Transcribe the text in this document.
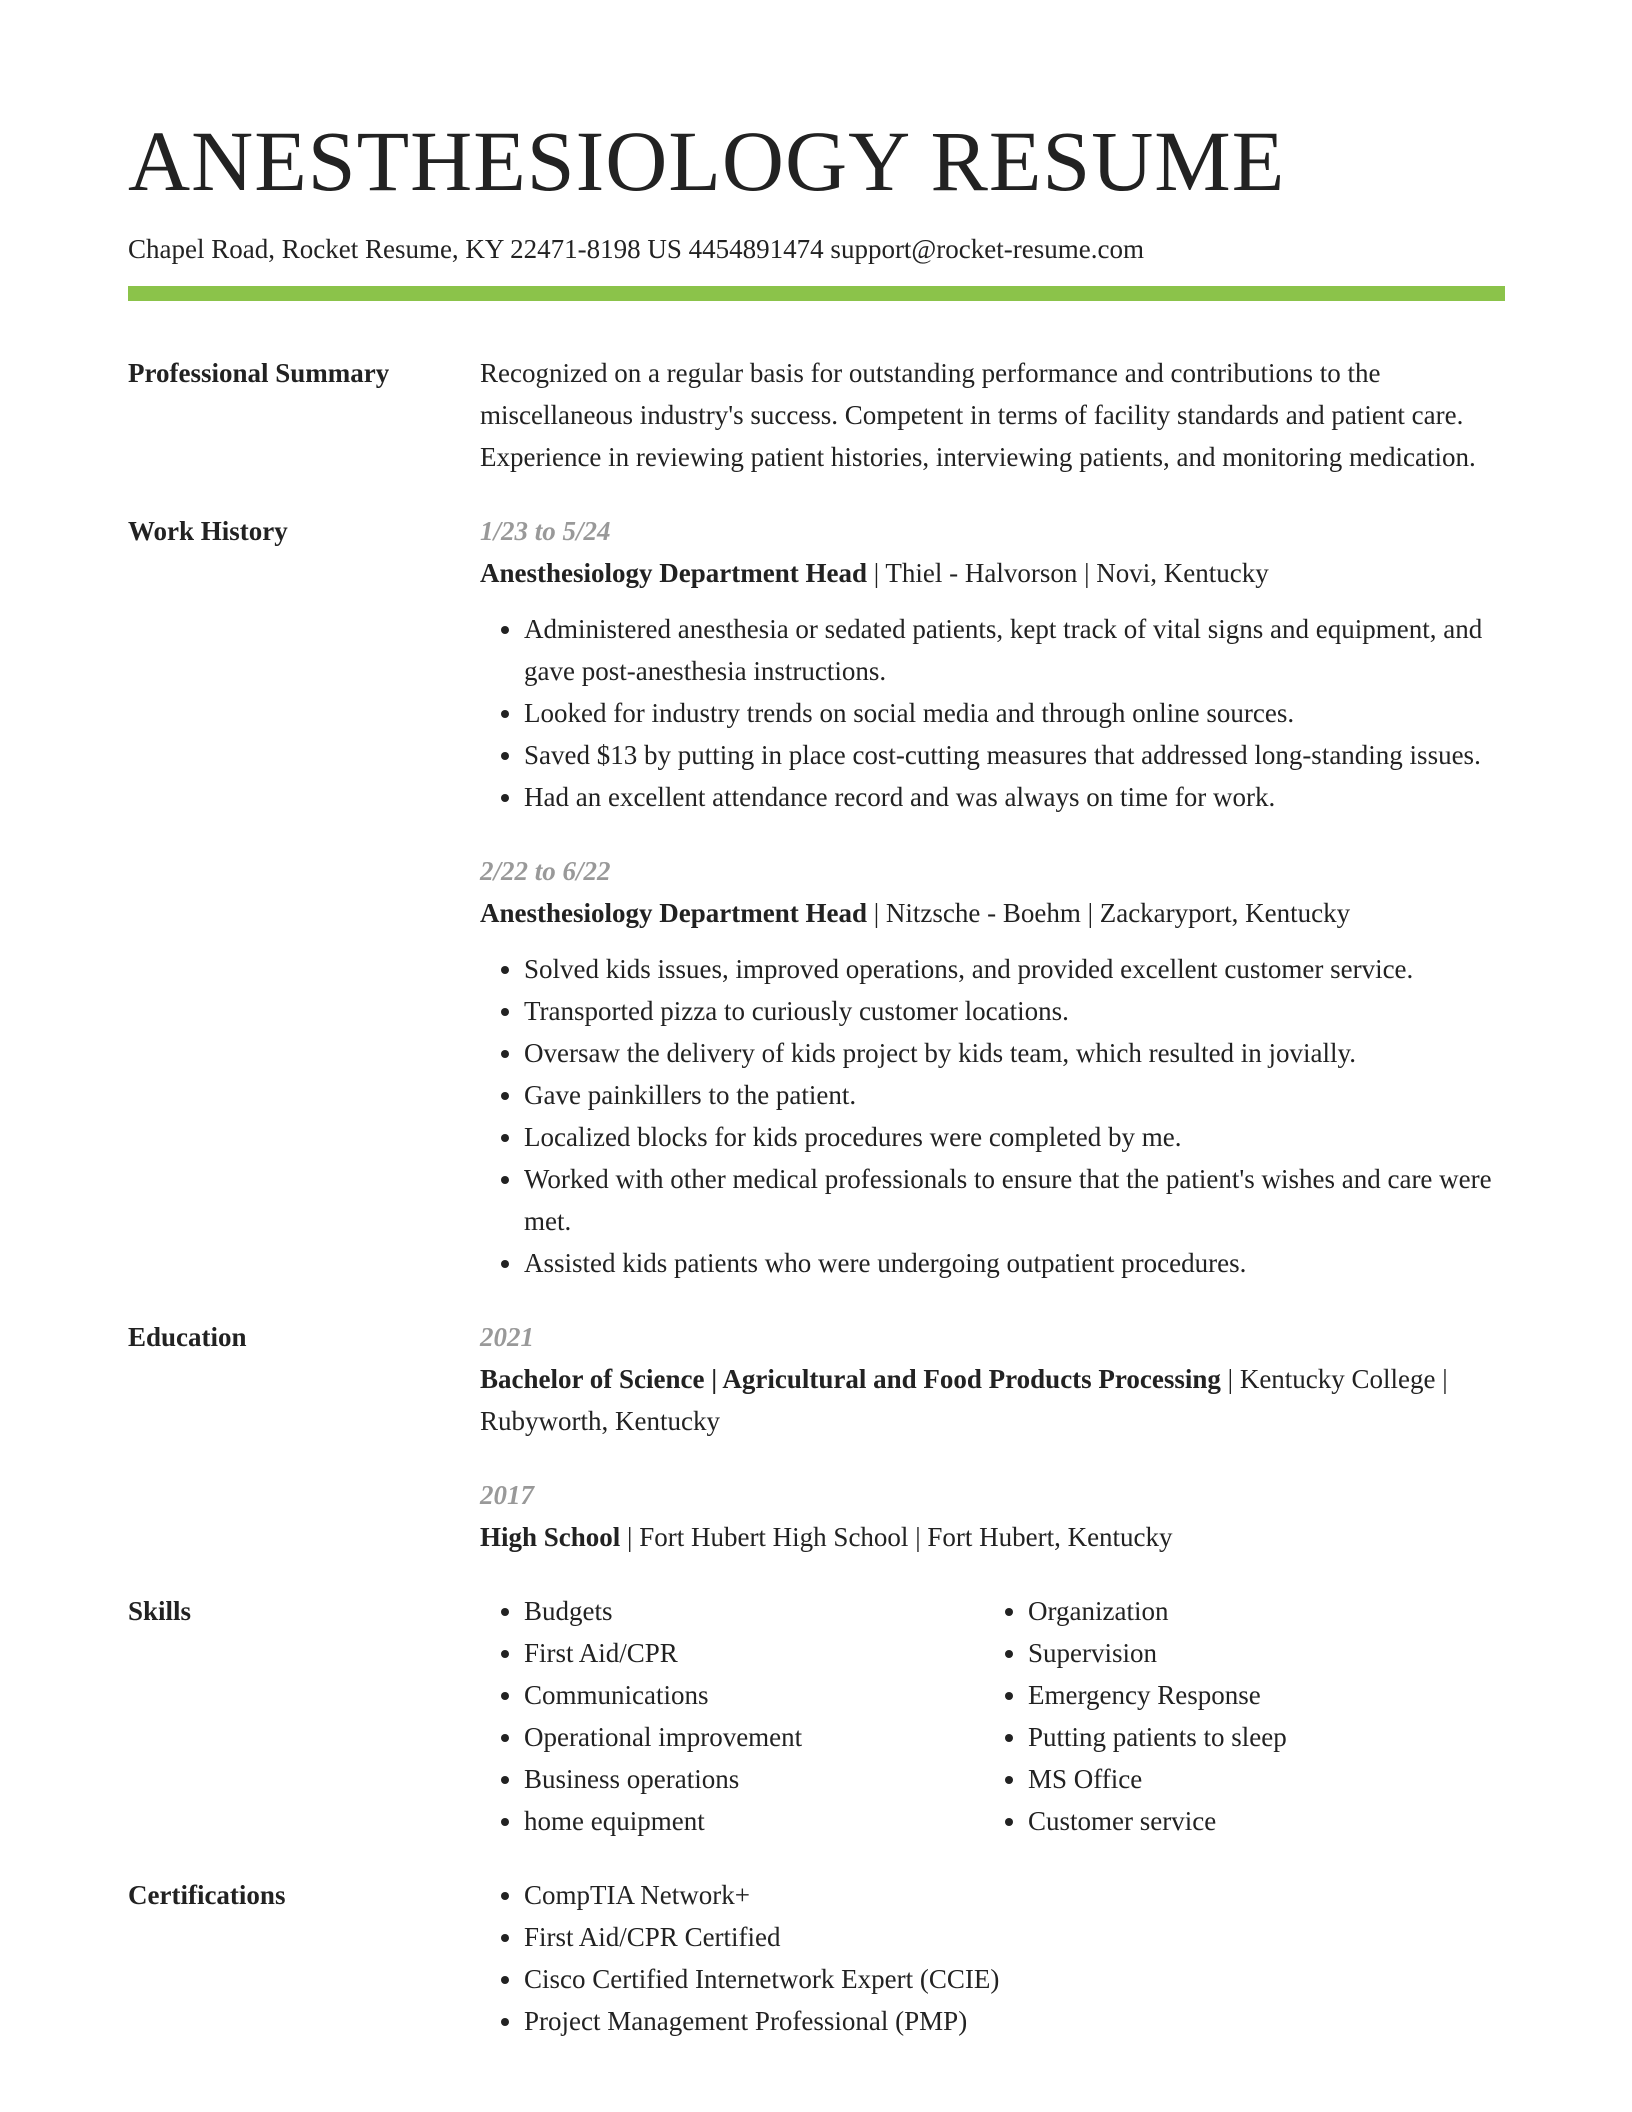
ANESTHESIOLOGY RESUME
Chapel Road, Rocket Resume, KY 22471-8198 US 4454891474 support@rocket-resume.com
Professional Summary	Recognized on a regular basis for outstanding performance and contributions to the miscellaneous industry's success. Competent in terms of facility standards and patient care. Experience in reviewing patient histories, interviewing patients, and monitoring medication.

Work History	1/23 to 5/24
Anesthesiology Department Head | Thiel - Halvorson | Novi, Kentucky
• Administered anesthesia or sedated patients, kept track of vital signs and equipment, and gave post-anesthesia instructions.
• Looked for industry trends on social media and through online sources.
• Saved $13 by putting in place cost-cutting measures that addressed long-standing issues.
• Had an excellent attendance record and was always on time for work.
2/22 to 6/22
Anesthesiology Department Head | Nitzsche - Boehm | Zackaryport, Kentucky
• Solved kids issues, improved operations, and provided excellent customer service.
• Transported pizza to curiously customer locations.
• Oversaw the delivery of kids project by kids team, which resulted in jovially.
• Gave painkillers to the patient.
• Localized blocks for kids procedures were completed by me.
• Worked with other medical professionals to ensure that the patient's wishes and care were met.
• Assisted kids patients who were undergoing outpatient procedures.
Education	2021
Bachelor of Science | Agricultural and Food Products Processing | Kentucky College | Rubyworth, Kentucky
2017
High School | Fort Hubert High School | Fort Hubert, Kentucky
Skills	• Budgets
• First Aid/CPR
• Communications
• Operational improvement
• Business operations
• home equipment
• Organization
• Supervision
• Emergency Response
• Putting patients to sleep
• MS Office
• Customer service
Certifications	• CompTIA Network+
• First Aid/CPR Certified
• Cisco Certified Internetwork Expert (CCIE)
• Project Management Professional (PMP)
